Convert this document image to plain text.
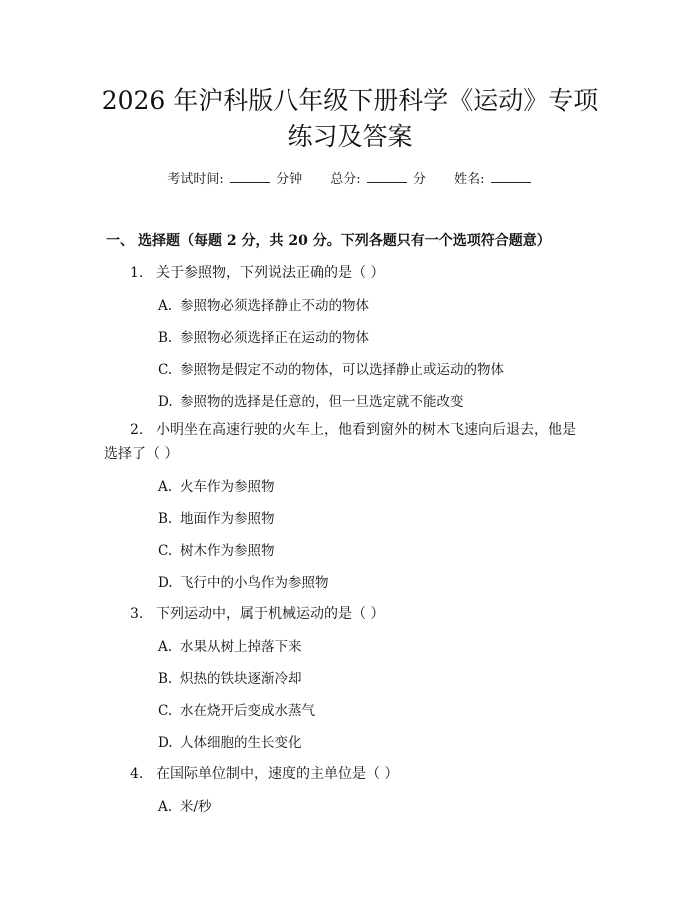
2026 年沪科版八年级下册科学《运动》专项
练习及答案
考试时间:	分钟 总分:	分 姓名:
一、 选择题（每题 2 分，共 20 分。下列各题只有一个选项符合题意）
1. 关于参照物，下列说法正确的是（ ）
A. 参照物必须选择静止不动的物体
B. 参照物必须选择正在运动的物体
C. 参照物是假定不动的物体，可以选择静止或运动的物体
D. 参照物的选择是任意的，但一旦选定就不能改变
2. 小明坐在高速行驶的火车上，他看到窗外的树木飞速向后退去，他是选择了（ ）
A. 火车作为参照物
B. 地面作为参照物
C. 树木作为参照物
D. 飞行中的小鸟作为参照物
3. 下列运动中，属于机械运动的是（ ）
A. 水果从树上掉落下来
B. 炽热的铁块逐渐冷却
C. 水在烧开后变成水蒸气
D. 人体细胞的生长变化
4. 在国际单位制中，速度的主单位是（ ）
A. 米/秒
